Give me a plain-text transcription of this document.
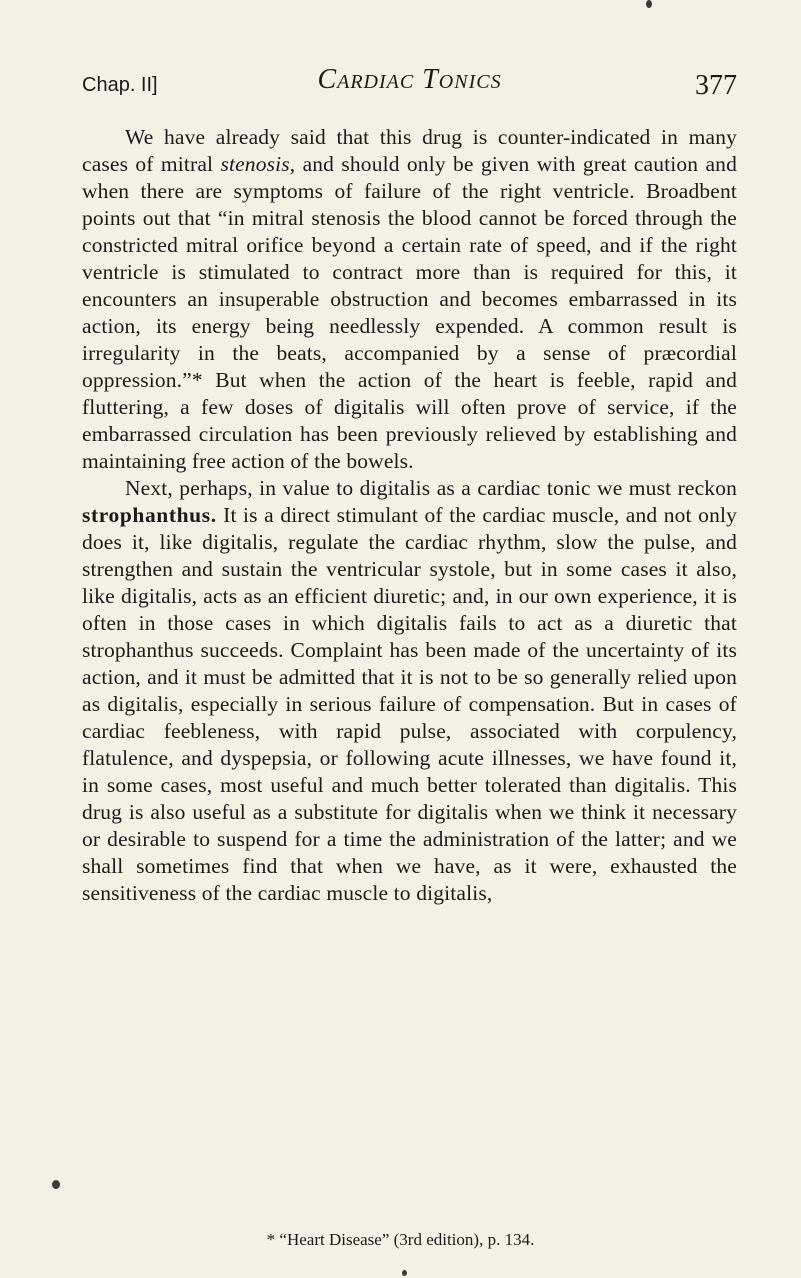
Chap. II]	Cardiac Tonics	377

We have already said that this drug is counter-indicated in many cases of mitral stenosis, and should only be given with great caution and when there are symptoms of failure of the right ventricle. Broadbent points out that “in mitral stenosis the blood cannot be forced through the constricted mitral orifice beyond a certain rate of speed, and if the right ventricle is stimulated to contract more than is required for this, it encounters an insuperable obstruction and becomes embarrassed in its action, its energy being needlessly expended. A common result is irregularity in the beats, accompanied by a sense of præcordial oppression.”* But when the action of the heart is feeble, rapid and fluttering, a few doses of digitalis will often prove of service, if the embarrassed circulation has been previously relieved by establishing and maintaining free action of the bowels.

Next, perhaps, in value to digitalis as a cardiac tonic we must reckon strophanthus. It is a direct stimulant of the cardiac muscle, and not only does it, like digitalis, regulate the cardiac rhythm, slow the pulse, and strengthen and sustain the ventricular systole, but in some cases it also, like digitalis, acts as an efficient diuretic; and, in our own experience, it is often in those cases in which digitalis fails to act as a diuretic that strophanthus succeeds. Complaint has been made of the uncertainty of its action, and it must be admitted that it is not to be so generally relied upon as digitalis, especially in serious failure of compensation. But in cases of cardiac feebleness, with rapid pulse, associated with corpulency, flatulence, and dyspepsia, or following acute illnesses, we have found it, in some cases, most useful and much better tolerated than digitalis. This drug is also useful as a substitute for digitalis when we think it necessary or desirable to suspend for a time the administration of the latter; and we shall sometimes find that when we have, as it were, exhausted the sensitiveness of the cardiac muscle to digitalis,

* “Heart Disease” (3rd edition), p. 134.
